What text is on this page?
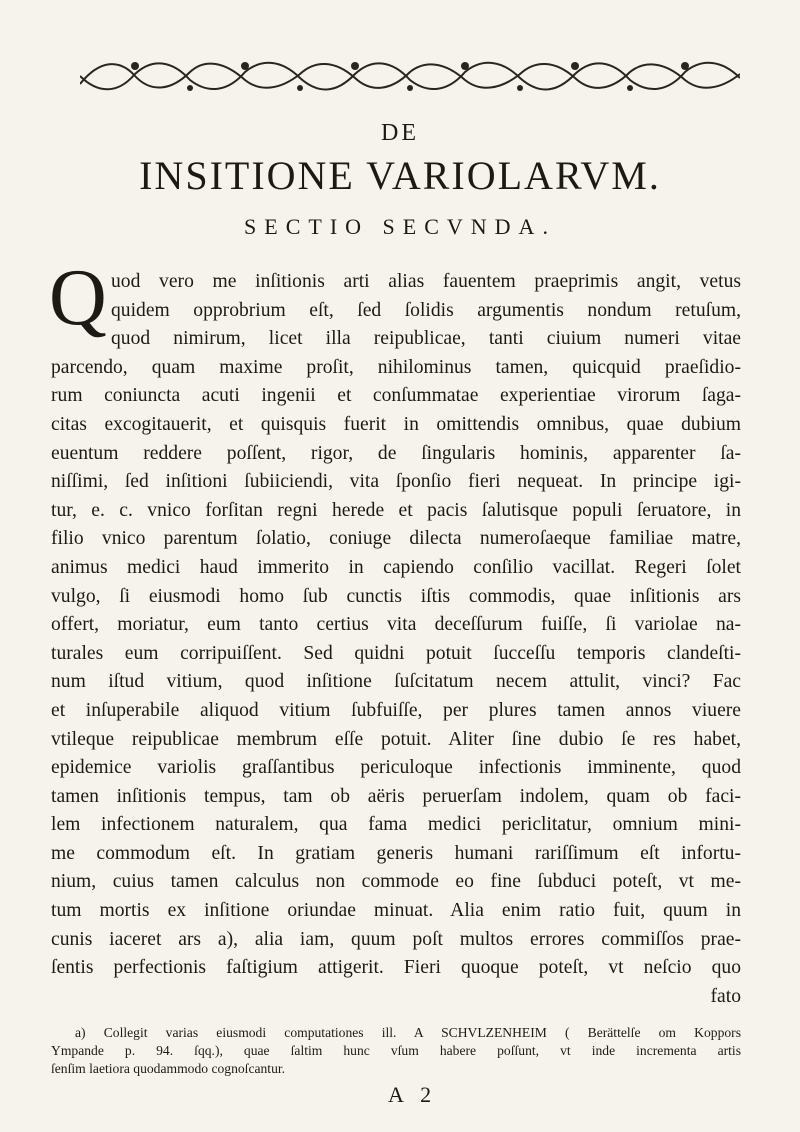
DE
INSITIONE VARIOLARVM.
SECTIO SECVNDA.
Q uod vero me inſitionis arti alias fauentem praeprimis angit, vetus
quidem opprobrium eſt, ſed ſolidis argumentis nondum retuſum,
quod nimirum, licet illa reipublicae, tanti ciuium numeri vitae
parcendo, quam maxime proſit, nihilominus tamen, quicquid praeſidio-
rum coniuncta acuti ingenii et conſummatae experientiae virorum ſaga-
citas excogitauerit, et quisquis fuerit in omittendis omnibus, quae dubium
euentum reddere poſſent, rigor, de ſingularis hominis, apparenter ſa-
niſſimi, ſed inſitioni ſubiiciendi, vita ſponſio fieri nequeat. In principe igi-
tur, e. c. vnico forſitan regni herede et pacis ſalutisque populi ſeruatore, in
filio vnico parentum ſolatio, coniuge dilecta numeroſaeque familiae matre,
animus medici haud immerito in capiendo conſilio vacillat. Regeri ſolet
vulgo, ſi eiusmodi homo ſub cunctis iſtis commodis, quae inſitionis ars
offert, moriatur, eum tanto certius vita deceſſurum fuiſſe, ſi variolae na-
turales eum corripuiſſent. Sed quidni potuit ſucceſſu temporis clandeſti-
num iſtud vitium, quod inſitione ſuſcitatum necem attulit, vinci? Fac
et inſuperabile aliquod vitium ſubfuiſſe, per plures tamen annos viuere
vtileque reipublicae membrum eſſe potuit. Aliter ſine dubio ſe res habet,
epidemice variolis graſſantibus periculoque infectionis imminente, quod
tamen inſitionis tempus, tam ob aëris peruerſam indolem, quam ob faci-
lem infectionem naturalem, qua fama medici periclitatur, omnium mini-
me commodum eſt. In gratiam generis humani rariſſimum eſt infortu-
nium, cuius tamen calculus non commode eo fine ſubduci poteſt, vt me-
tum mortis ex inſitione oriundae minuat. Alia enim ratio fuit, quum in
cunis iaceret ars a), alia iam, quum poſt multos errores commiſſos prae-
ſentis perfectionis faſtigium attigerit. Fieri quoque poteſt, vt neſcio quo
fato
a) Collegit varias eiusmodi computationes ill. A SCHVLZENHEIM ( Berättelſe om Koppors
Ympande p. 94. ſqq.), quae ſaltim hunc vſum habere poſſunt, vt inde incrementa artis
ſenſim laetiora quodammodo cognoſcantur.
A 2
